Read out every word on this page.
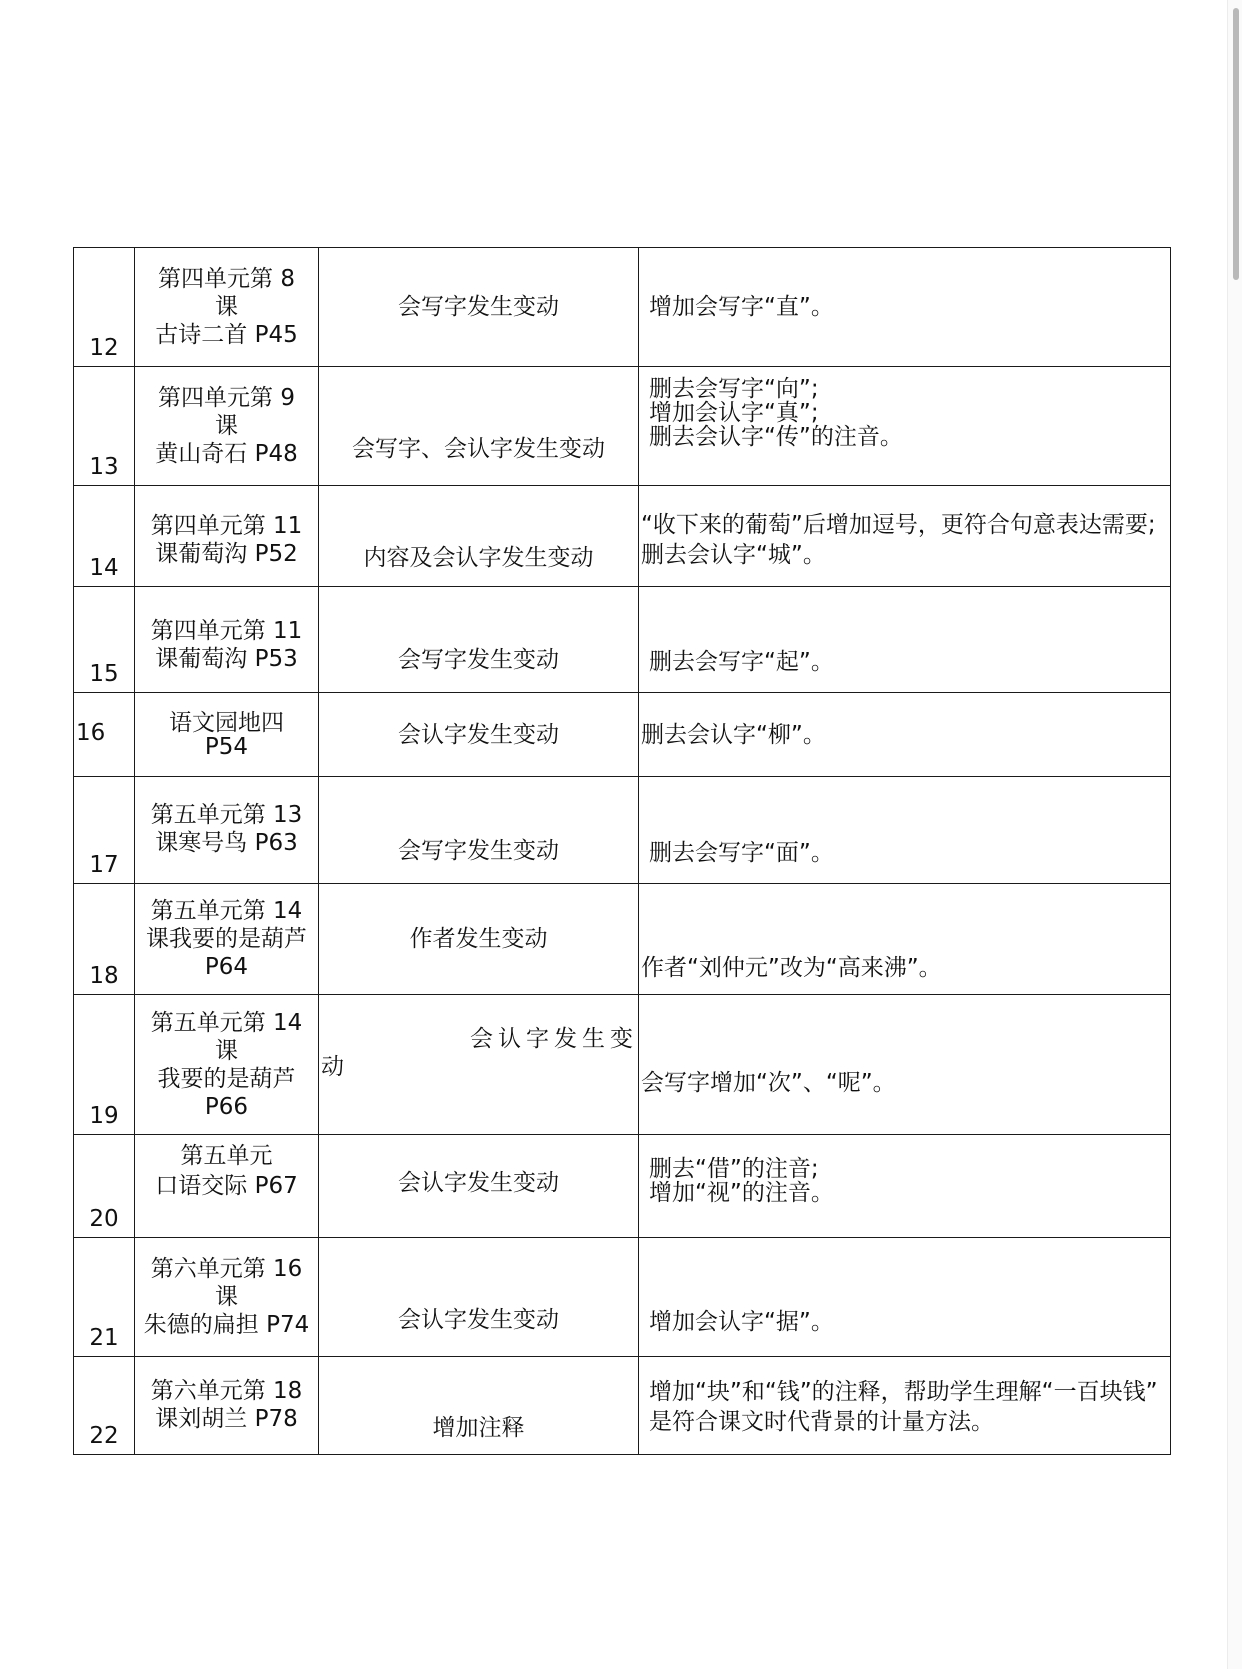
12	第四单元第 8
课
古诗二首 P45	会写字发生变动	增加会写字“直”。

13	第四单元第 9
课
黄山奇石 P48	会写字、会认字发生变动	删去会写字“向”;
增加会认字“真”;
删去会认字“传”的注音。

14	第四单元第 11
课葡萄沟 P52	内容及会认字发生变动	“收下来的葡萄”后增加逗号，更符合句意表达需要;
删去会认字“城”。

15	第四单元第 11
课葡萄沟 P53	会写字发生变动	删去会写字“起”。

16	语文园地四
P54	会认字发生变动	删去会认字“柳”。

17	第五单元第 13
课寒号鸟 P63	会写字发生变动	删去会写字“面”。

18	第五单元第 14
课我要的是葫芦
P64	作者发生变动	作者“刘仲元”改为“高来沸”。

19	第五单元第 14
课
我要的是葫芦
P66	会认字发生变
动	会写字增加“次”、“呢”。

20	第五单元
口语交际 P67	会认字发生变动	删去“借”的注音;
增加“视”的注音。

21	第六单元第 16
课
朱德的扁担 P74	会认字发生变动	增加会认字“据”。

22	第六单元第 18
课刘胡兰 P78	增加注释	增加“块”和“钱”的注释，帮助学生理解“一百块钱”
是符合课文时代背景的计量方法。
